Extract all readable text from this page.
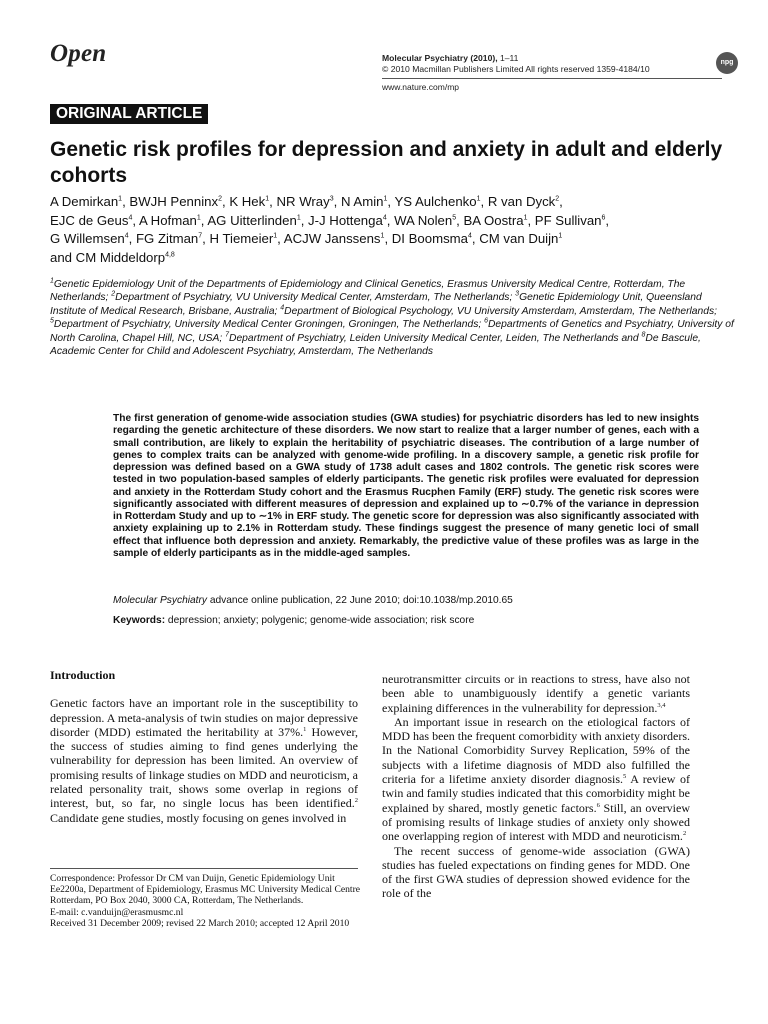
Open	Molecular Psychiatry (2010), 1–11
© 2010 Macmillan Publishers Limited All rights reserved 1359-4184/10
npg
www.nature.com/mp
ORIGINAL ARTICLE
Genetic risk profiles for depression and anxiety in adult and elderly cohorts
A Demirkan$^1$, BWJH Penninx$^2$, K Hek$^1$, NR Wray$^3$, N Amin$^1$, YS Aulchenko$^1$, R van Dyck$^2$,
EJC de Geus$^4$, A Hofman$^1$, AG Uitterlinden$^1$, J-J Hottenga$^4$, WA Nolen$^5$, BA Oostra$^1$, PF Sullivan$^6$,
G Willemsen$^4$, FG Zitman$^7$, H Tiemeier$^1$, ACJW Janssens$^1$, DI Boomsma$^4$, CM van Duijn$^1$
and CM Middeldorp$^{4,8}$
$^1$Genetic Epidemiology Unit of the Departments of Epidemiology and Clinical Genetics, Erasmus University Medical Centre, Rotterdam, The Netherlands; $^2$Department of Psychiatry, VU University Medical Center, Amsterdam, The Netherlands; $^3$Genetic Epidemiology Unit, Queensland Institute of Medical Research, Brisbane, Australia; $^4$Department of Biological Psychology, VU University Amsterdam, Amsterdam, The Netherlands; $^5$Department of Psychiatry, University Medical Center Groningen, Groningen, The Netherlands; $^6$Departments of Genetics and Psychiatry, University of North Carolina, Chapel Hill, NC, USA; $^7$Department of Psychiatry, Leiden University Medical Center, Leiden, The Netherlands and $^8$De Bascule, Academic Center for Child and Adolescent Psychiatry, Amsterdam, The Netherlands
The first generation of genome-wide association studies (GWA studies) for psychiatric disorders has led to new insights regarding the genetic architecture of these disorders. We now start to realize that a larger number of genes, each with a small contribution, are likely to explain the heritability of psychiatric diseases. The contribution of a large number of genes to complex traits can be analyzed with genome-wide profiling. In a discovery sample, a genetic risk profile for depression was defined based on a GWA study of 1738 adult cases and 1802 controls. The genetic risk scores were tested in two population-based samples of elderly participants. The genetic risk profiles were evaluated for depression and anxiety in the Rotterdam Study cohort and the Erasmus Rucphen Family (ERF) study. The genetic risk scores were significantly associated with different measures of depression and explained up to ∼0.7% of the variance in depression in Rotterdam Study and up to ∼1% in ERF study. The genetic score for depression was also significantly associated with anxiety explaining up to 2.1% in Rotterdam study. These findings suggest the presence of many genetic loci of small effect that influence both depression and anxiety. Remarkably, the predictive value of these profiles was as large in the sample of elderly participants as in the middle-aged samples.
Molecular Psychiatry advance online publication, 22 June 2010; doi:10.1038/mp.2010.65
Keywords: depression; anxiety; polygenic; genome-wide association; risk score
Introduction

Genetic factors have an important role in the susceptibility to depression. A meta-analysis of twin studies on major depressive disorder (MDD) estimated the heritability at 37%.$^1$ However, the success of studies aiming to find genes underlying the vulnerability for depression has been limited. An overview of promising results of linkage studies on MDD and neuroticism, a related personality trait, shows some overlap in regions of interest, but, so far, no single locus has been identified.$^2$ Candidate gene studies, mostly focusing on genes involved in

Correspondence: Professor Dr CM van Duijn, Genetic Epidemiology Unit Ee2200a, Department of Epidemiology, Erasmus MC University Medical Centre Rotterdam, PO Box 2040, 3000 CA, Rotterdam, The Netherlands.

E-mail: c.vanduijn@erasmusmc.nl

Received 31 December 2009; revised 22 March 2010; accepted 12 April 2010

neurotransmitter circuits or in reactions to stress, have also not been able to unambiguously identify a genetic variants explaining differences in the vulnerability for depression.$^{3,4}$

An important issue in research on the etiological factors of MDD has been the frequent comorbidity with anxiety disorders. In the National Comorbidity Survey Replication, 59% of the subjects with a lifetime diagnosis of MDD also fulfilled the criteria for a lifetime anxiety disorder diagnosis.$^5$ A review of twin and family studies indicated that this comorbidity might be explained by shared, mostly genetic factors.$^6$ Still, an overview of promising results of linkage studies of anxiety only showed one overlapping region of interest with MDD and neuroticism.$^2$

The recent success of genome-wide association (GWA) studies has fueled expectations on finding genes for MDD. One of the first GWA studies of depression showed evidence for the role of the
